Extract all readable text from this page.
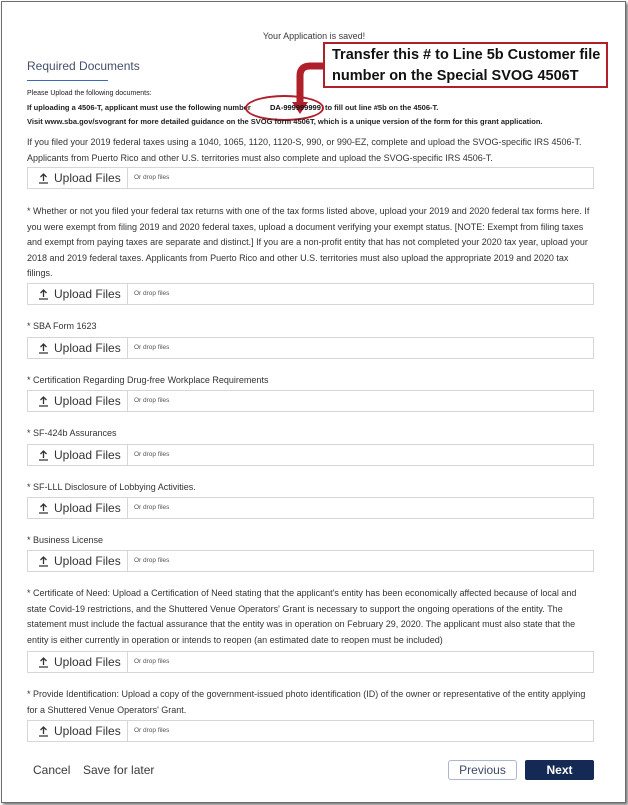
Your Application is saved!
Required Documents
Transfer this # to Line 5b Customer file number on the Special SVOG 4506T
Please Upload the following documents:
If uploading a 4506-T, applicant must use the following number	DA-999999999 to fill out line #5b on the 4506-T.
Visit www.sba.gov/svogrant for more detailed guidance on the SVOG form 4506T, which is a unique version of the form for this grant application.
If you filed your 2019 federal taxes using a 1040, 1065, 1120, 1120-S, 990, or 990-EZ, complete and upload the SVOG-specific IRS 4506-T. Applicants from Puerto Rico and other U.S. territories must also complete and upload the SVOG-specific IRS 4506-T.
Upload Files Or drop files
* Whether or not you filed your federal tax returns with one of the tax forms listed above, upload your 2019 and 2020 federal tax forms here. If you were exempt from filing 2019 and 2020 federal taxes, upload a document verifying your exempt status. [NOTE: Exempt from filing taxes and exempt from paying taxes are separate and distinct.] If you are a non-profit entity that has not completed your 2020 tax year, upload your 2018 and 2019 federal taxes. Applicants from Puerto Rico and other U.S. territories must also upload the appropriate 2019 and 2020 tax filings.
Upload Files Or drop files
* SBA Form 1623
Upload Files Or drop files
* Certification Regarding Drug-free Workplace Requirements
Upload Files Or drop files
* SF-424b Assurances
Upload Files Or drop files
* SF-LLL Disclosure of Lobbying Activities.
Upload Files Or drop files
* Business License
Upload Files Or drop files
* Certificate of Need: Upload a Certification of Need stating that the applicant's entity has been economically affected because of local and state Covid-19 restrictions, and the Shuttered Venue Operators' Grant is necessary to support the ongoing operations of the entity. The statement must include the factual assurance that the entity was in operation on February 29, 2020. The applicant must also state that the entity is either currently in operation or intends to reopen (an estimated date to reopen must be included)
Upload Files Or drop files
* Provide Identification: Upload a copy of the government-issued photo identification (ID) of the owner or representative of the entity applying for a Shuttered Venue Operators' Grant.
Upload Files Or drop files
Cancel Save for later	Previous	Next
